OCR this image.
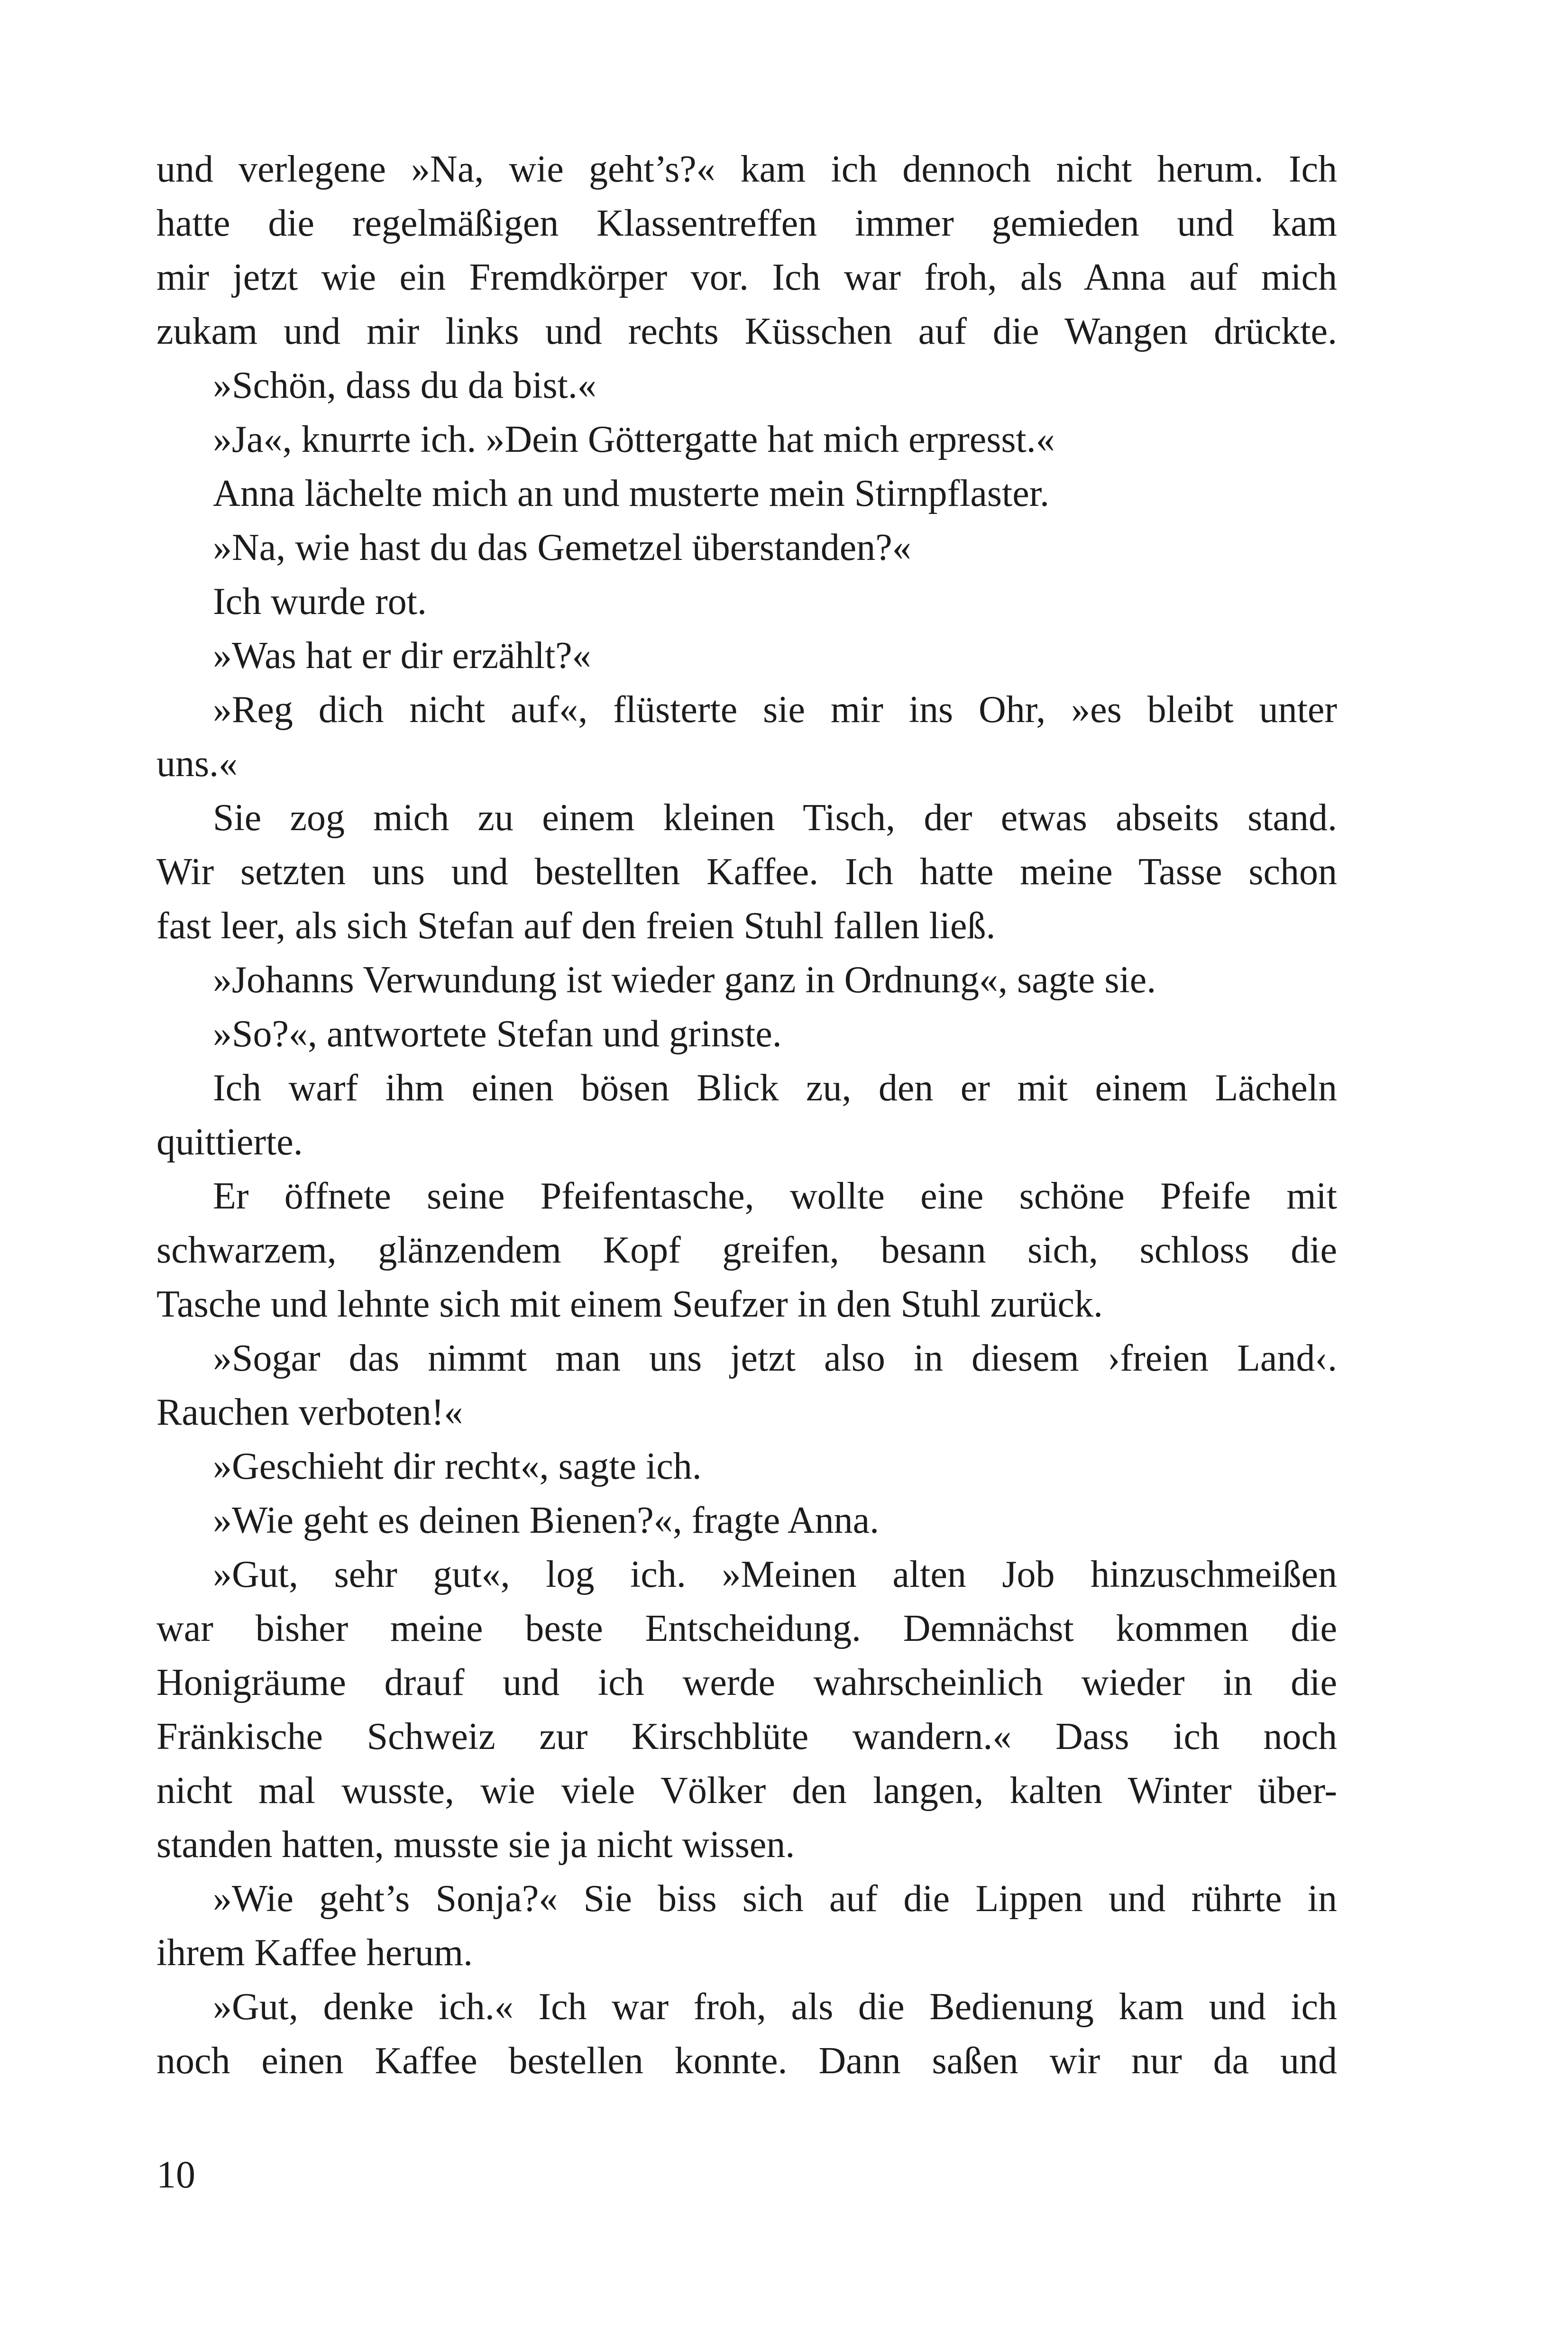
und verlegene »Na, wie geht’s?« kam ich dennoch nicht herum. Ich
hatte die regelmäßigen Klassentreffen immer gemieden und kam
mir jetzt wie ein Fremdkörper vor. Ich war froh, als Anna auf mich
zukam und mir links und rechts Küsschen auf die Wangen drückte.
»Schön, dass du da bist.«
»Ja«, knurrte ich. »Dein Göttergatte hat mich erpresst.«
Anna lächelte mich an und musterte mein Stirnpflaster.
»Na, wie hast du das Gemetzel überstanden?«
Ich wurde rot.
»Was hat er dir erzählt?«
»Reg dich nicht auf«, flüsterte sie mir ins Ohr, »es bleibt unter
uns.«
Sie zog mich zu einem kleinen Tisch, der etwas abseits stand.
Wir setzten uns und bestellten Kaffee. Ich hatte meine Tasse schon
fast leer, als sich Stefan auf den freien Stuhl fallen ließ.
»Johanns Verwundung ist wieder ganz in Ordnung«, sagte sie.
»So?«, antwortete Stefan und grinste.
Ich warf ihm einen bösen Blick zu, den er mit einem Lächeln
quittierte.
Er öffnete seine Pfeifentasche, wollte eine schöne Pfeife mit
schwarzem, glänzendem Kopf greifen, besann sich, schloss die
Tasche und lehnte sich mit einem Seufzer in den Stuhl zurück.
»Sogar das nimmt man uns jetzt also in diesem ›freien Land‹.
Rauchen verboten!«
»Geschieht dir recht«, sagte ich.
»Wie geht es deinen Bienen?«, fragte Anna.
»Gut, sehr gut«, log ich. »Meinen alten Job hinzuschmeißen
war bisher meine beste Entscheidung. Demnächst kommen die
Honigräume drauf und ich werde wahrscheinlich wieder in die
Fränkische Schweiz zur Kirschblüte wandern.« Dass ich noch
nicht mal wusste, wie viele Völker den langen, kalten Winter über-
standen hatten, musste sie ja nicht wissen.
»Wie geht’s Sonja?« Sie biss sich auf die Lippen und rührte in
ihrem Kaffee herum.
»Gut, denke ich.« Ich war froh, als die Bedienung kam und ich
noch einen Kaffee bestellen konnte. Dann saßen wir nur da und
10
